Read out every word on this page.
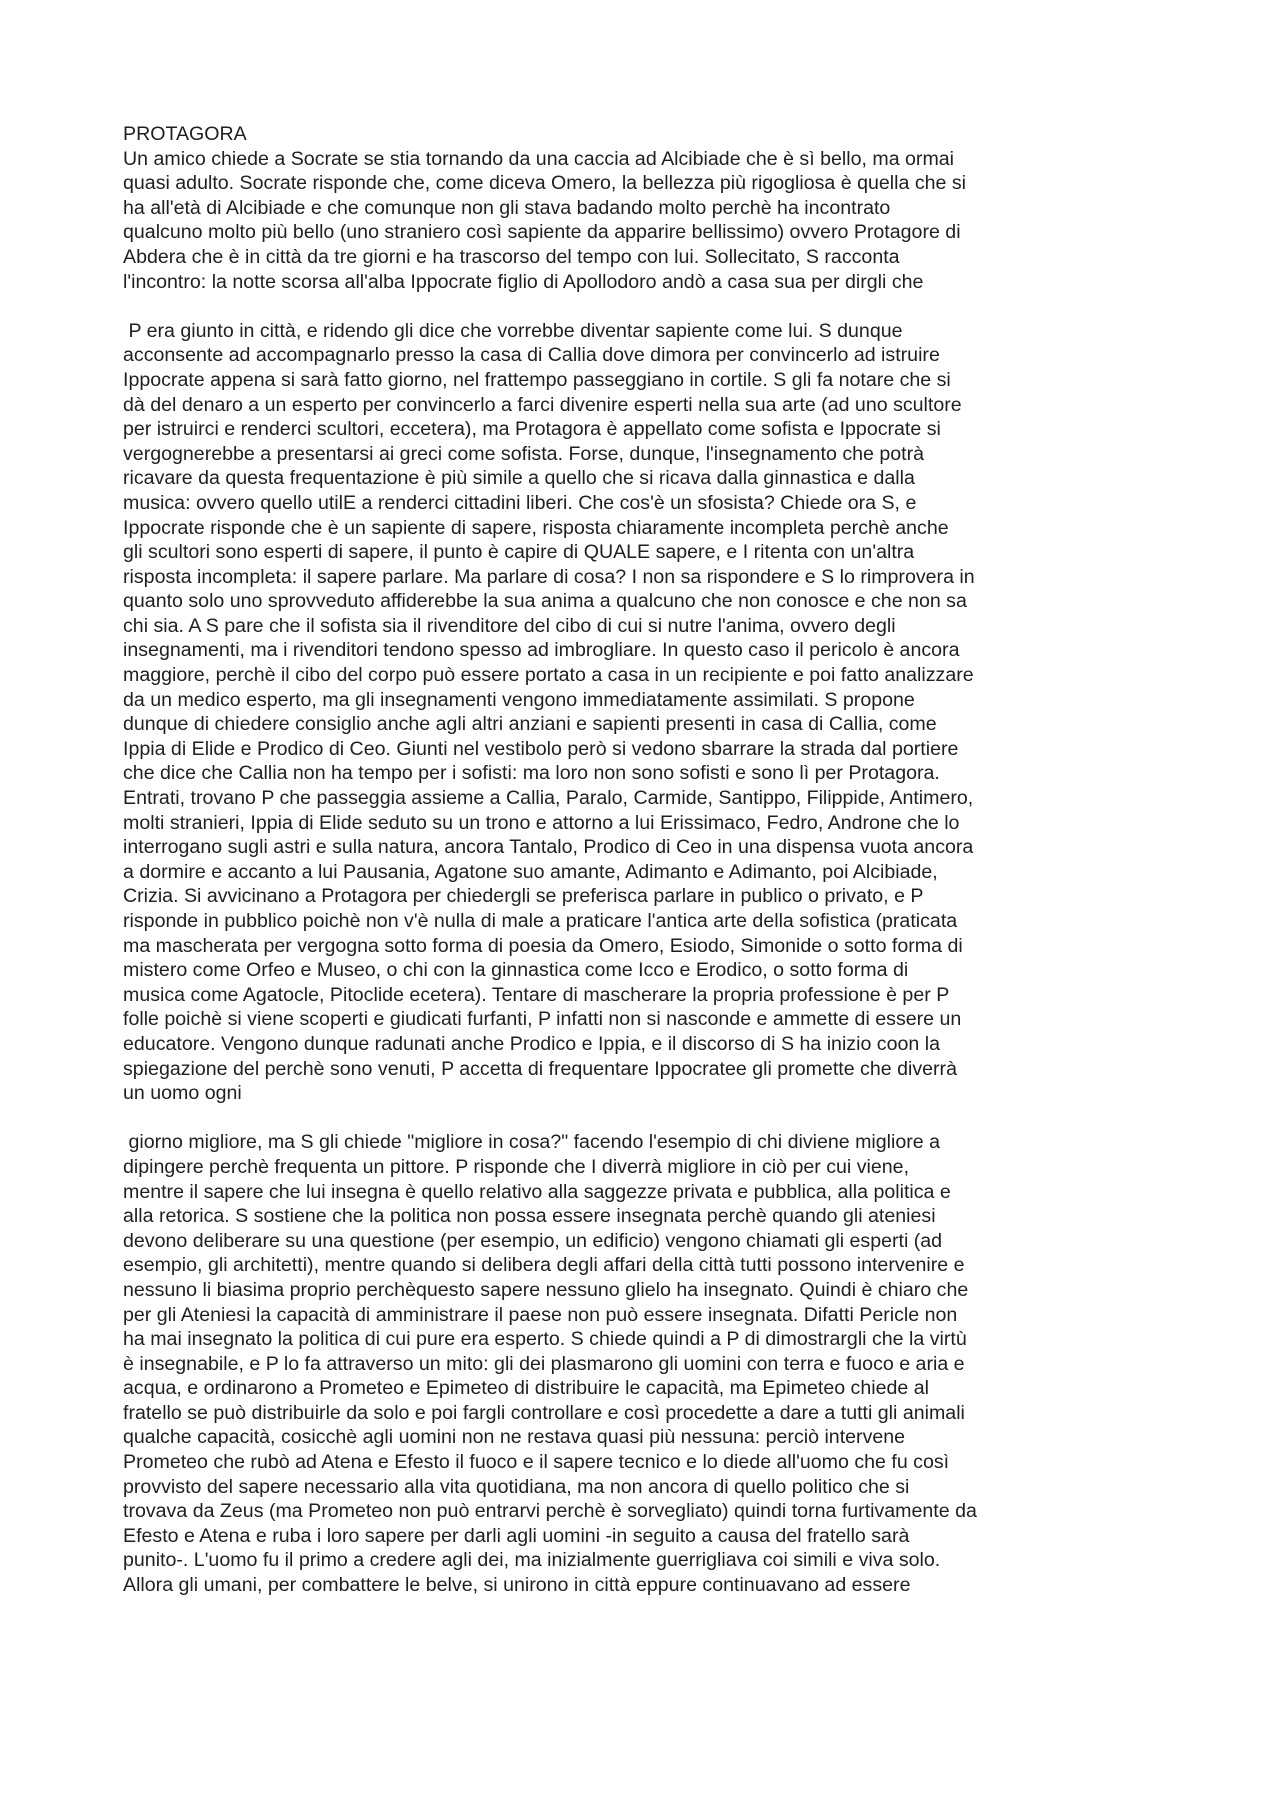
PROTAGORA
Un amico chiede a Socrate se stia tornando da una caccia ad Alcibiade che è sì bello, ma ormai
quasi adulto. Socrate risponde che, come diceva Omero, la bellezza più rigogliosa è quella che si
ha all'età di Alcibiade e che comunque non gli stava badando molto perchè ha incontrato
qualcuno molto più bello (uno straniero così sapiente da apparire bellissimo) ovvero Protagore di
Abdera che è in città da tre giorni e ha trascorso del tempo con lui. Sollecitato, S racconta
l'incontro: la notte scorsa all'alba Ippocrate figlio di Apollodoro andò a casa sua per dirgli che
P era giunto in città, e ridendo gli dice che vorrebbe diventar sapiente come lui. S dunque
acconsente ad accompagnarlo presso la casa di Callia dove dimora per convincerlo ad istruire
Ippocrate appena si sarà fatto giorno, nel frattempo passeggiano in cortile. S gli fa notare che si
dà del denaro a un esperto per convincerlo a farci divenire esperti nella sua arte (ad uno scultore
per istruirci e renderci scultori, eccetera), ma Protagora è appellato come sofista e Ippocrate si
vergognerebbe a presentarsi ai greci come sofista. Forse, dunque, l'insegnamento che potrà
ricavare da questa frequentazione è più simile a quello che si ricava dalla ginnastica e dalla
musica: ovvero quello utilE a renderci cittadini liberi. Che cos'è un sfosista? Chiede ora S, e
Ippocrate risponde che è un sapiente di sapere, risposta chiaramente incompleta perchè anche
gli scultori sono esperti di sapere, il punto è capire di QUALE sapere, e I ritenta con un'altra
risposta incompleta: il sapere parlare. Ma parlare di cosa? I non sa rispondere e S lo rimprovera in
quanto solo uno sprovveduto affiderebbe la sua anima a qualcuno che non conosce e che non sa
chi sia. A S pare che il sofista sia il rivenditore del cibo di cui si nutre l'anima, ovvero degli
insegnamenti, ma i rivenditori tendono spesso ad imbrogliare. In questo caso il pericolo è ancora
maggiore, perchè il cibo del corpo può essere portato a casa in un recipiente e poi fatto analizzare
da un medico esperto, ma gli insegnamenti vengono immediatamente assimilati. S propone
dunque di chiedere consiglio anche agli altri anziani e sapienti presenti in casa di Callia, come
Ippia di Elide e Prodico di Ceo. Giunti nel vestibolo però si vedono sbarrare la strada dal portiere
che dice che Callia non ha tempo per i sofisti: ma loro non sono sofisti e sono lì per Protagora.
Entrati, trovano P che passeggia assieme a Callia, Paralo, Carmide, Santippo, Filippide, Antimero,
molti stranieri, Ippia di Elide seduto su un trono e attorno a lui Erissimaco, Fedro, Androne che lo
interrogano sugli astri e sulla natura, ancora Tantalo, Prodico di Ceo in una dispensa vuota ancora
a dormire e accanto a lui Pausania, Agatone suo amante, Adimanto e Adimanto, poi Alcibiade,
Crizia. Si avvicinano a Protagora per chiedergli se preferisca parlare in publico o privato, e P
risponde in pubblico poichè non v'è nulla di male a praticare l'antica arte della sofistica (praticata
ma mascherata per vergogna sotto forma di poesia da Omero, Esiodo, Simonide o sotto forma di
mistero come Orfeo e Museo, o chi con la ginnastica come Icco e Erodico, o sotto forma di
musica come Agatocle, Pitoclide ecetera). Tentare di mascherare la propria professione è per P
folle poichè si viene scoperti e giudicati furfanti, P infatti non si nasconde e ammette di essere un
educatore. Vengono dunque radunati anche Prodico e Ippia, e il discorso di S ha inizio coon la
spiegazione del perchè sono venuti, P accetta di frequentare Ippocratee gli promette che diverrà
un uomo ogni
giorno migliore, ma S gli chiede "migliore in cosa?" facendo l'esempio di chi diviene migliore a
dipingere perchè frequenta un pittore. P risponde che I diverrà migliore in ciò per cui viene,
mentre il sapere che lui insegna è quello relativo alla saggezze privata e pubblica, alla politica e
alla retorica. S sostiene che la politica non possa essere insegnata perchè quando gli ateniesi
devono deliberare su una questione (per esempio, un edificio) vengono chiamati gli esperti (ad
esempio, gli architetti), mentre quando si delibera degli affari della città tutti possono intervenire e
nessuno li biasima proprio perchèquesto sapere nessuno glielo ha insegnato. Quindi è chiaro che
per gli Ateniesi la capacità di amministrare il paese non può essere insegnata. Difatti Pericle non
ha mai insegnato la politica di cui pure era esperto. S chiede quindi a P di dimostrargli che la virtù
è insegnabile, e P lo fa attraverso un mito: gli dei plasmarono gli uomini con terra e fuoco e aria e
acqua, e ordinarono a Prometeo e Epimeteo di distribuire le capacità, ma Epimeteo chiede al
fratello se può distribuirle da solo e poi fargli controllare e così procedette a dare a tutti gli animali
qualche capacità, cosicchè agli uomini non ne restava quasi più nessuna: perciò intervene
Prometeo che rubò ad Atena e Efesto il fuoco e il sapere tecnico e lo diede all'uomo che fu così
provvisto del sapere necessario alla vita quotidiana, ma non ancora di quello politico che si
trovava da Zeus (ma Prometeo non può entrarvi perchè è sorvegliato) quindi torna furtivamente da
Efesto e Atena e ruba i loro sapere per darli agli uomini -in seguito a causa del fratello sarà
punito-. L'uomo fu il primo a credere agli dei, ma inizialmente guerrigliava coi simili e viva solo.
Allora gli umani, per combattere le belve, si unirono in città eppure continuavano ad essere
